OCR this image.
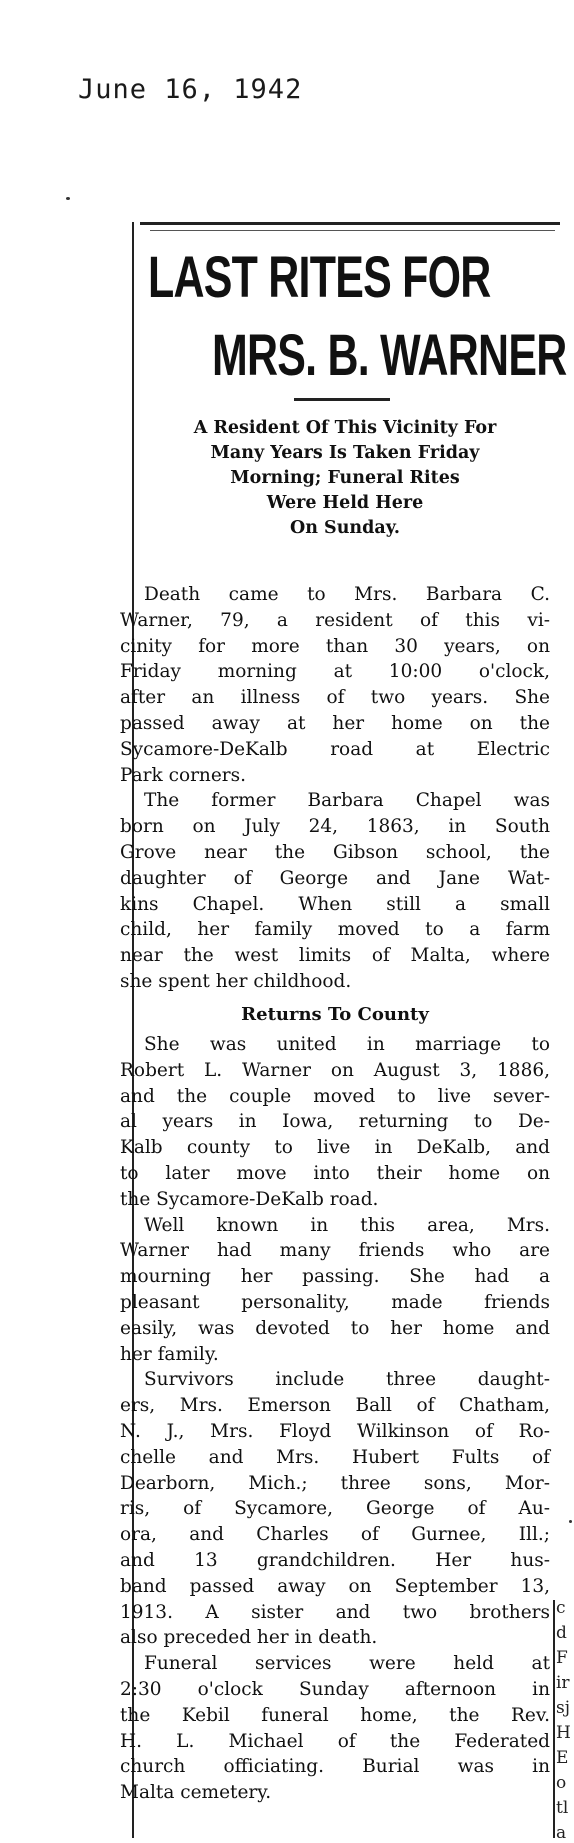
June 16, 1942
LAST RITES FOR
MRS. B. WARNER
A Resident Of This Vicinity For
Many Years Is Taken Friday
Morning; Funeral Rites
Were Held Here
On Sunday.
Death came to Mrs. Barbara C.
Warner, 79, a resident of this vi-
cinity for more than 30 years, on
Friday morning at 10:00 o'clock,
after an illness of two years. She
passed away at her home on the
Sycamore-DeKalb road at Electric
Park corners.
The former Barbara Chapel was
born on July 24, 1863, in South
Grove near the Gibson school, the
daughter of George and Jane Wat-
kins Chapel. When still a small
child, her family moved to a farm
near the west limits of Malta, where
she spent her childhood.
Returns To County
She was united in marriage to
Robert L. Warner on August 3, 1886,
and the couple moved to live sever-
al years in Iowa, returning to De-
Kalb county to live in DeKalb, and
to later move into their home on
the Sycamore-DeKalb road.
Well known in this area, Mrs.
Warner had many friends who are
mourning her passing. She had a
pleasant personality, made friends
easily, was devoted to her home and
her family.
Survivors include three daught-
ers, Mrs. Emerson Ball of Chatham,
N. J., Mrs. Floyd Wilkinson of Ro-
chelle and Mrs. Hubert Fults of
Dearborn, Mich.; three sons, Mor-
ris, of Sycamore, George of Au-
ora, and Charles of Gurnee, Ill.;
and 13 grandchildren. Her hus-
band passed away on September 13,
1913. A sister and two brothers
also preceded her in death.
Funeral services were held at
2:30 o'clock Sunday afternoon in
the Kebil funeral home, the Rev.
H. L. Michael of the Federated
church officiating. Burial was in
Malta cemetery.
c
d
F
ir
sj
H
E
o
tl
a
